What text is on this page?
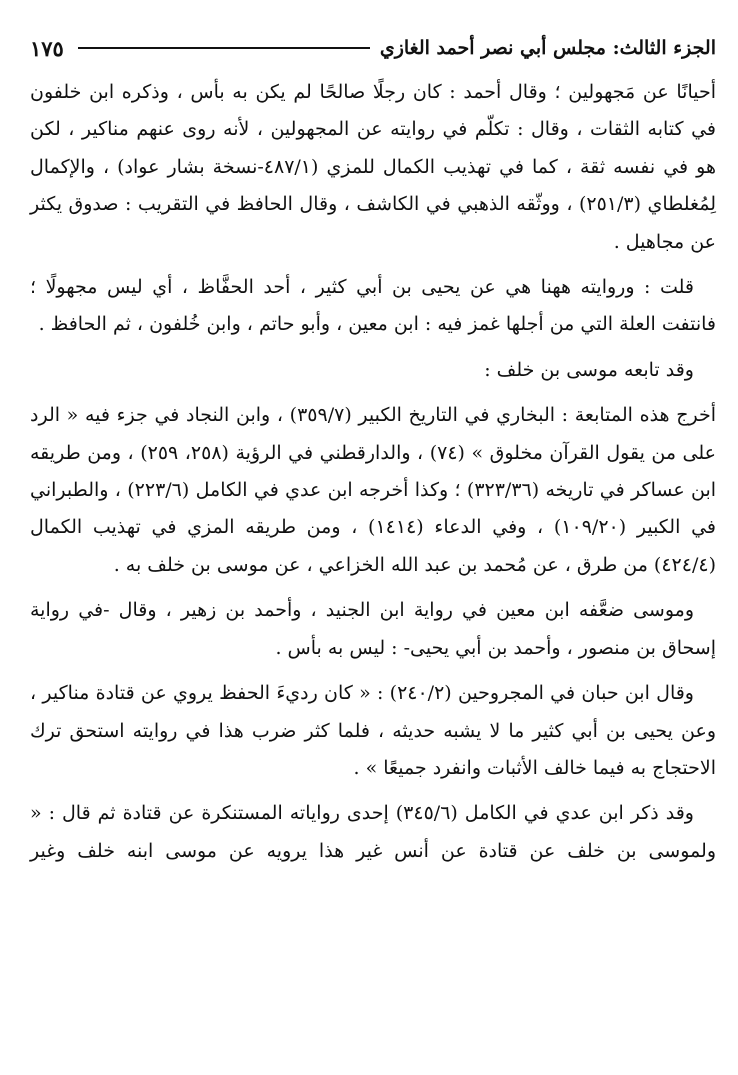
الجزء الثالث: مجلس أبي نصر أحمد الغازي
١٧٥

أحيانًا عن مَجهولين ؛ وقال أحمد : كان رجلًا صالحًا لم يكن به بأس ، وذكره ابن خلفون في كتابه الثقات ، وقال : تكلّم في روايته عن المجهولين ، لأنه روى عنهم مناكير ، لكن هو في نفسه ثقة ، كما في تهذيب الكمال للمزي (٤٨٧/١-نسخة بشار عواد) ، والإكمال لِمُغلطاي (٢٥١/٣) ، ووثّقه الذهبي في الكاشف ، وقال الحافظ في التقريب : صدوق يكثر عن مجاهيل .

قلت : وروايته ههنا هي عن يحيى بن أبي كثير ، أحد الحفَّاظ ، أي ليس مجهولًا ؛ فانتفت العلة التي من أجلها غمز فيه : ابن معين ، وأبو حاتم ، وابن خُلفون ، ثم الحافظ .

وقد تابعه موسى بن خلف :

أخرج هذه المتابعة : البخاري في التاريخ الكبير (٣٥٩/٧) ، وابن النجاد في جزء فيه « الرد على من يقول القرآن مخلوق » (٧٤) ، والدارقطني في الرؤية (٢٥٨، ٢٥٩) ، ومن طريقه ابن عساكر في تاريخه (٣٢٣/٣٦) ؛ وكذا أخرجه ابن عدي في الكامل (٢٢٣/٦) ، والطبراني في الكبير (١٠٩/٢٠) ، وفي الدعاء (١٤١٤) ، ومن طريقه المزي في تهذيب الكمال (٤٢٤/٤) من طرق ، عن مُحمد بن عبد الله الخزاعي ، عن موسى بن خلف به .

وموسى ضعَّفه ابن معين في رواية ابن الجنيد ، وأحمد بن زهير ، وقال -في رواية إسحاق بن منصور ، وأحمد بن أبي يحيى- : ليس به بأس .

وقال ابن حبان في المجروحين (٢٤٠/٢) : « كان رديءَ الحفظ يروي عن قتادة مناكير ، وعن يحيى بن أبي كثير ما لا يشبه حديثه ، فلما كثر ضرب هذا في روايته استحق ترك الاحتجاج به فيما خالف الأثبات وانفرد جميعًا » .

وقد ذكر ابن عدي في الكامل (٣٤٥/٦) إحدى رواياته المستنكرة عن قتادة ثم قال : « ولموسى بن خلف عن قتادة عن أنس غير هذا يرويه عن موسى ابنه خلف وغير
